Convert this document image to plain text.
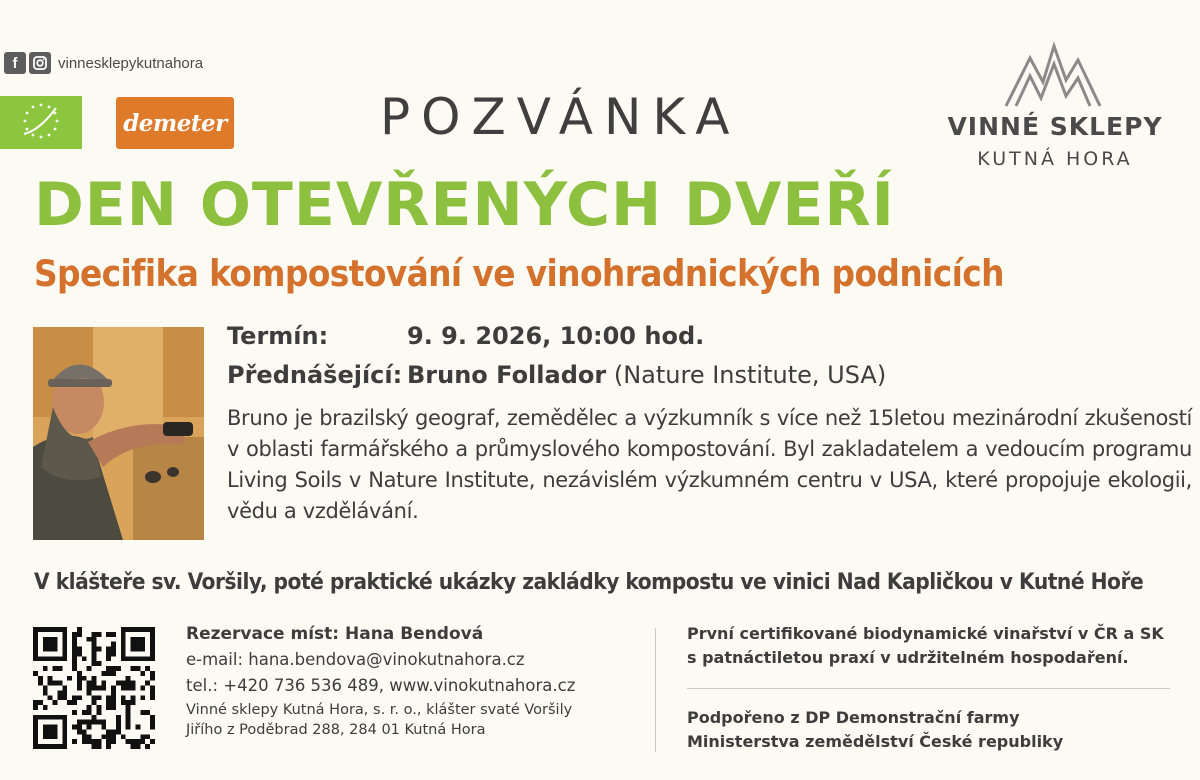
f	vinnesklepykutnahora
demeter	POZVÁNKA	VINNÉ SKLEPY
KUTNÁ HORA
DEN OTEVŘENÝCH DVEŘÍ
Specifika kompostování ve vinohradnických podnicích
Termín:	9. 9. 2026, 10:00 hod.
Přednášející: Bruno Follador (Nature Institute, USA)
Bruno je brazilský geograf, zemědělec a výzkumník s více než 15letou mezinárodní zkušeností v oblasti farmářského a průmyslového kompostování. Byl zakladatelem a vedoucím programu Living Soils v Nature Institute, nezávislém výzkumném centru v USA, které propojuje ekologii, vědu a vzdělávání.
V klášteře sv. Voršily, poté praktické ukázky zakládky kompostu ve vinici Nad Kapličkou v Kutné Hoře
Rezervace míst: Hana Bendová
e-mail: hana.bendova@vinokutnahora.cz
tel.: +420 736 536 489, www.vinokutnahora.cz
Vinné sklepy Kutná Hora, s. r. o., klášter svaté Voršily
Jiřího z Poděbrad 288, 284 01 Kutná Hora
První certifikované biodynamické vinařství v ČR a SK
s patnáctiletou praxí v udržitelném hospodaření.
Podpořeno z DP Demonstrační farmy
Ministerstva zemědělství České republiky
